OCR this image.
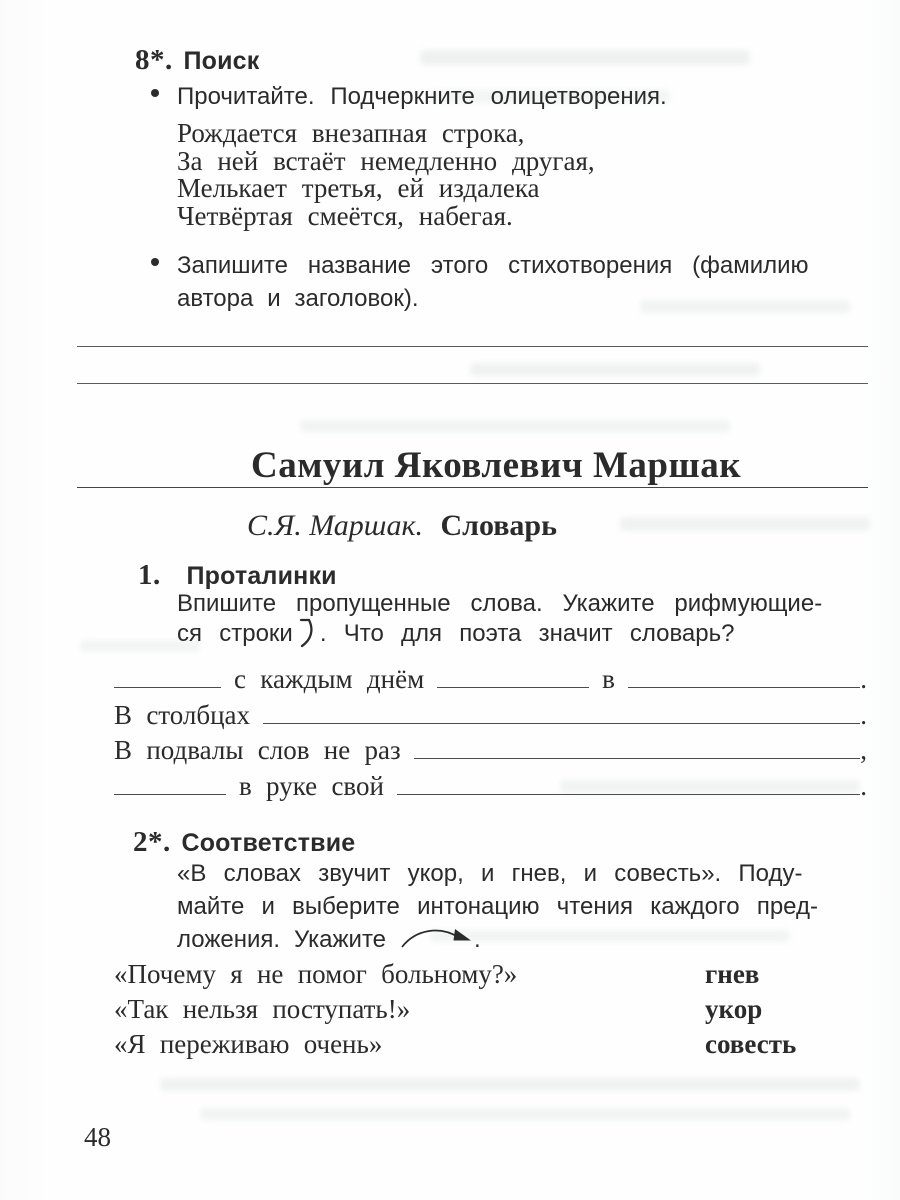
8*. Поиск
Прочитайте. Подчеркните олицетворения.
Рождается внезапная строка,
За ней встаёт немедленно другая,
Мелькает третья, ей издалека
Четвёртая смеётся, набегая.
Запишите название этого стихотворения (фамилию
автора и заголовок).
Самуил Яковлевич Маршак
С.Я. Маршак. Словарь
1. Проталинки
Впишите пропущенные слова. Укажите рифмующие-
ся строки . Что для поэта значит словарь?
с каждым днём	в	.
В столбцах	.
В подвалы слов не раз	,
в руке свой	.
2*. Соответствие
«В словах звучит укор, и гнев, и совесть». Поду-
майте и выберите интонацию чтения каждого пред-
ложения. Укажите	.
«Почему я не помог больному?»	гнев
«Так нельзя поступать!»	укор
«Я переживаю очень»	совесть
48
